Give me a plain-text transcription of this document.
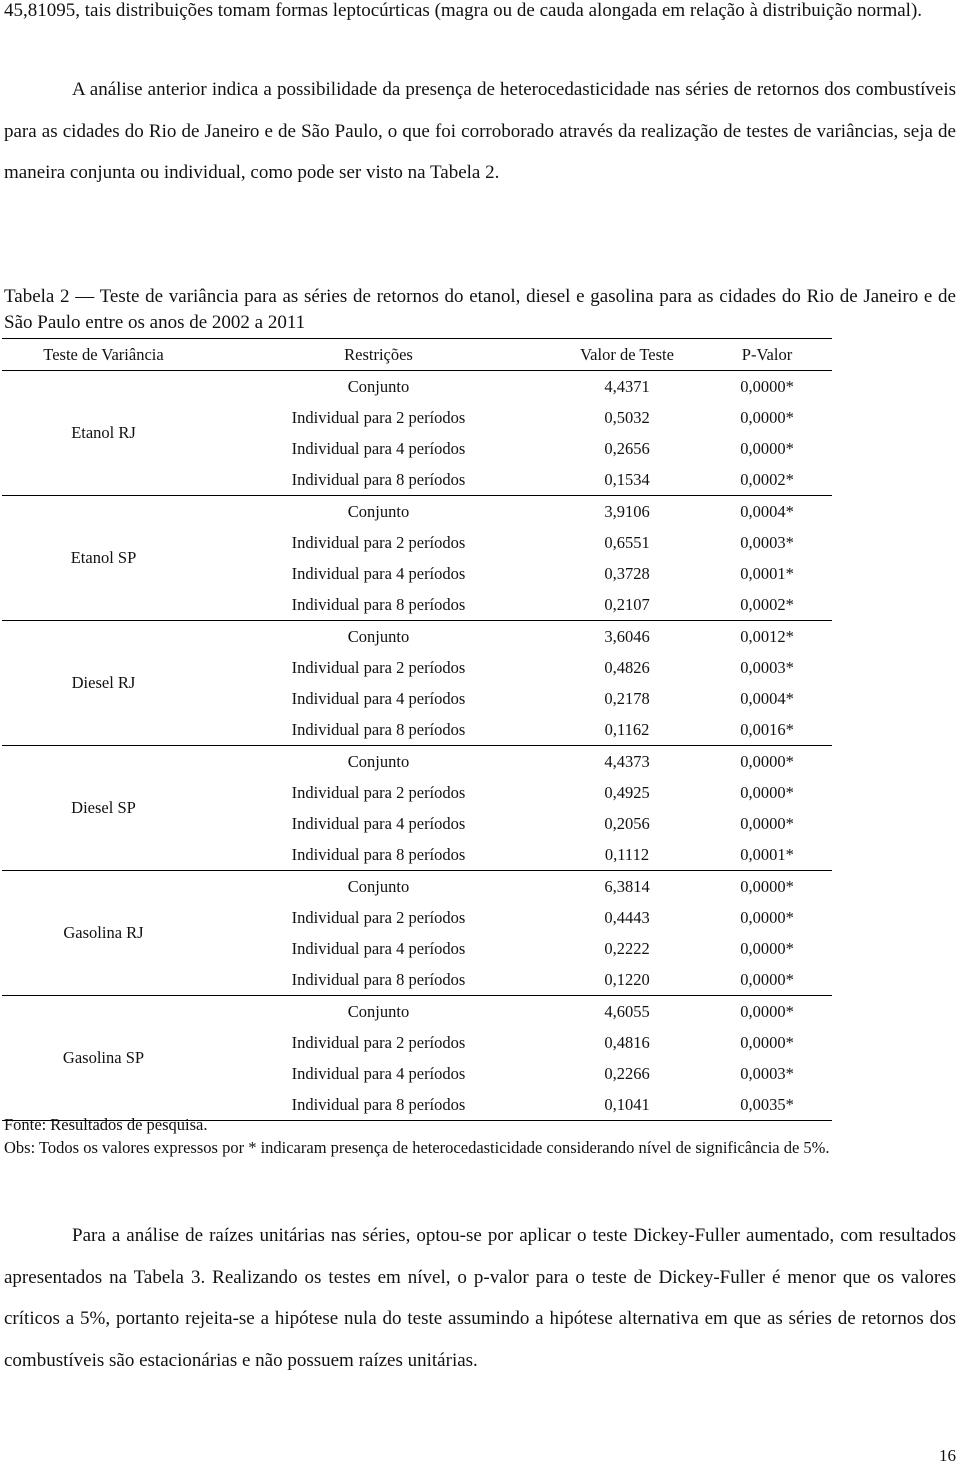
45,81095, tais distribuições tomam formas leptocúrticas (magra ou de cauda alongada em relação à distribuição normal).

A análise anterior indica a possibilidade da presença de heterocedasticidade nas séries de retornos dos combustíveis para as cidades do Rio de Janeiro e de São Paulo, o que foi corroborado através da realização de testes de variâncias, seja de maneira conjunta ou individual, como pode ser visto na Tabela 2.

Tabela 2 ― Teste de variância para as séries de retornos do etanol, diesel e gasolina para as cidades do Rio de Janeiro e de São Paulo entre os anos de 2002 a 2011

Teste de Variância	Restrições	Valor de Teste	P-Valor
Etanol RJ	Conjunto	4,4371	0,0000*
	Individual para 2 períodos	0,5032	0,0000*
	Individual para 4 períodos	0,2656	0,0000*
	Individual para 8 períodos	0,1534	0,0002*
Etanol SP	Conjunto	3,9106	0,0004*
	Individual para 2 períodos	0,6551	0,0003*
	Individual para 4 períodos	0,3728	0,0001*
	Individual para 8 períodos	0,2107	0,0002*
Diesel RJ	Conjunto	3,6046	0,0012*
	Individual para 2 períodos	0,4826	0,0003*
	Individual para 4 períodos	0,2178	0,0004*
	Individual para 8 períodos	0,1162	0,0016*
Diesel SP	Conjunto	4,4373	0,0000*
	Individual para 2 períodos	0,4925	0,0000*
	Individual para 4 períodos	0,2056	0,0000*
	Individual para 8 períodos	0,1112	0,0001*
Gasolina RJ	Conjunto	6,3814	0,0000*
	Individual para 2 períodos	0,4443	0,0000*
	Individual para 4 períodos	0,2222	0,0000*
	Individual para 8 períodos	0,1220	0,0000*
Gasolina SP	Conjunto	4,6055	0,0000*
	Individual para 2 períodos	0,4816	0,0000*
	Individual para 4 períodos	0,2266	0,0003*
	Individual para 8 períodos	0,1041	0,0035*

Fonte: Resultados de pesquisa.

Obs: Todos os valores expressos por * indicaram presença de heterocedasticidade considerando nível de significância de 5%.

Para a análise de raízes unitárias nas séries, optou-se por aplicar o teste Dickey-Fuller aumentado, com resultados apresentados na Tabela 3. Realizando os testes em nível, o p-valor para o teste de Dickey-Fuller é menor que os valores críticos a 5%, portanto rejeita-se a hipótese nula do teste assumindo a hipótese alternativa em que as séries de retornos dos combustíveis são estacionárias e não possuem raízes unitárias.

16
